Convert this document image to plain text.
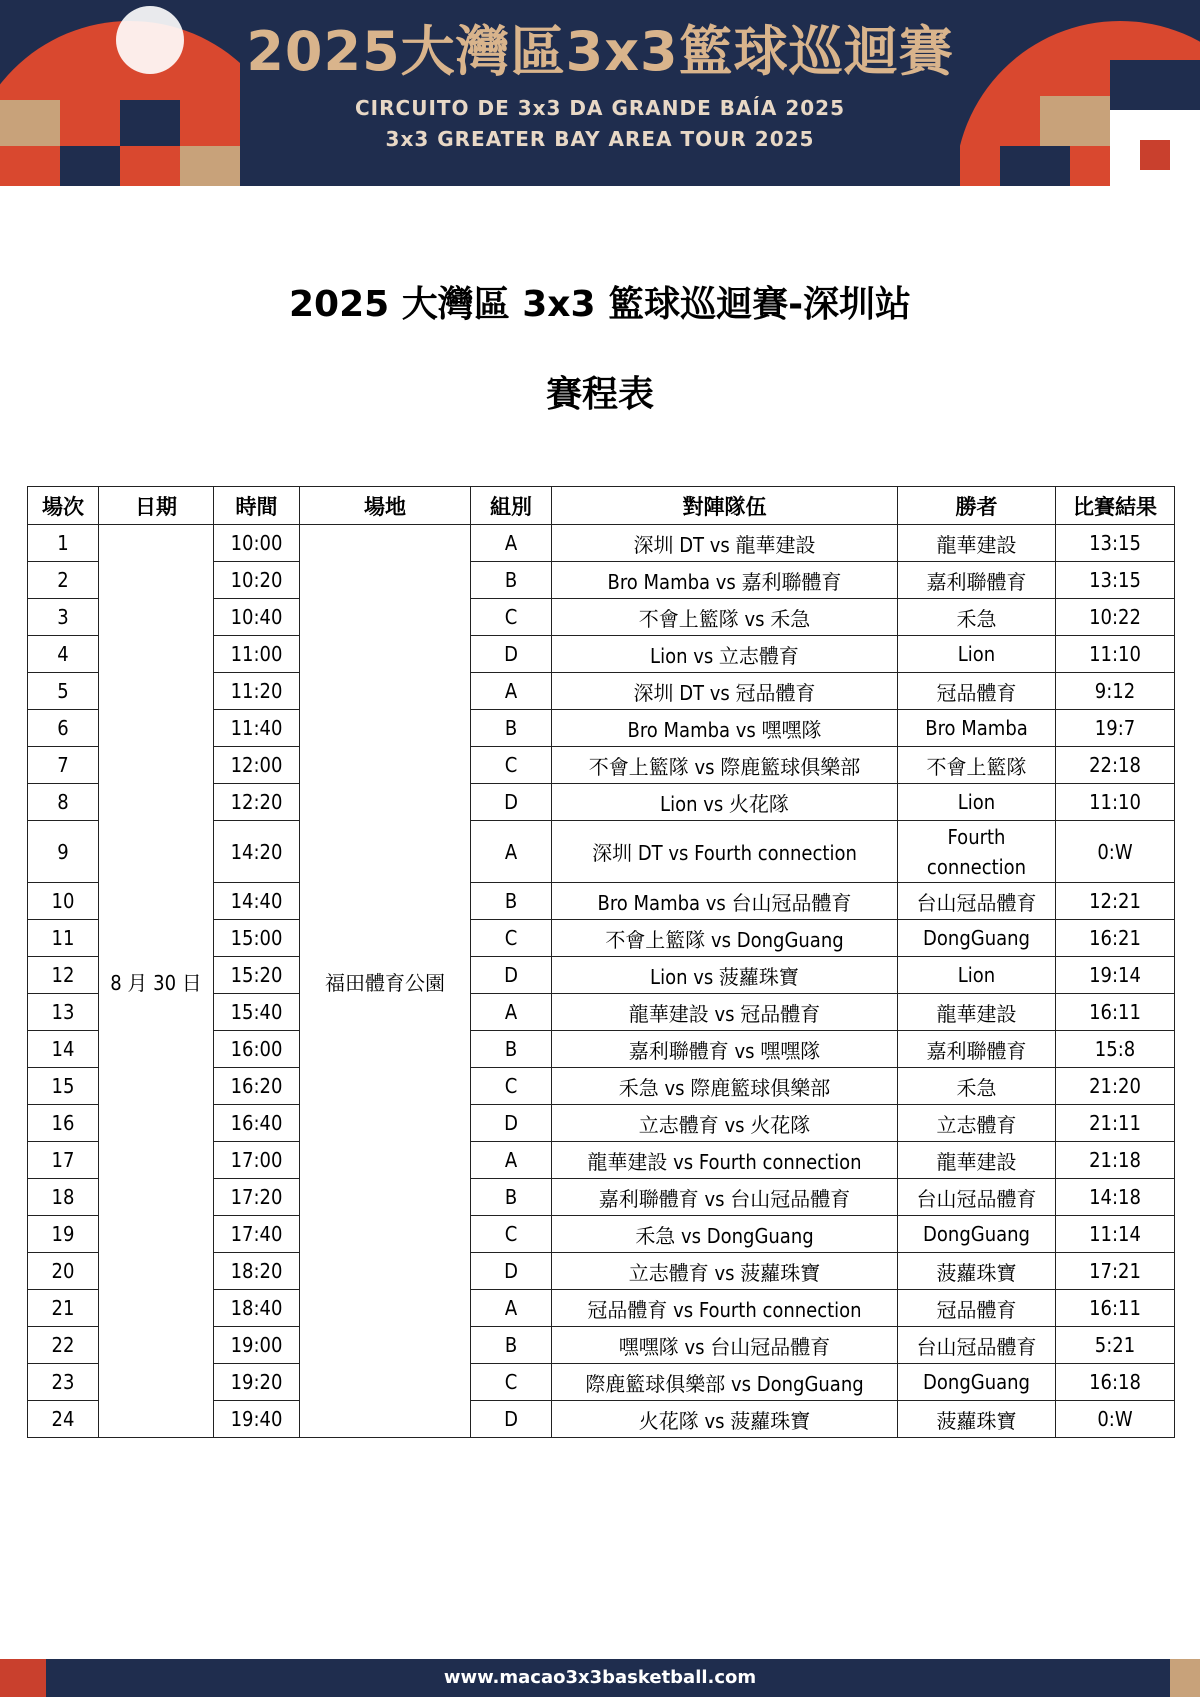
2025大灣區3x3籃球巡迴賽
CIRCUITO DE 3x3 DA GRANDE BAÍA 2025
3x3 GREATER BAY AREA TOUR 2025
2025 大灣區 3x3 籃球巡迴賽-深圳站
賽程表
場次	日期	時間	場地	組別	對陣隊伍	勝者	比賽結果
1	8 月 30 日	10:00	福田體育公園	A	深圳 DT vs 龍華建設	龍華建設	13:15
2		10:20		B	Bro Mamba vs 嘉利聯體育	嘉利聯體育	13:15
3		10:40		C	不會上籃隊 vs 禾急	禾急	10:22
4		11:00		D	Lion vs 立志體育	Lion	11:10
5		11:20		A	深圳 DT vs 冠品體育	冠品體育	9:12
6		11:40		B	Bro Mamba vs 嘿嘿隊	Bro Mamba	19:7
7		12:00		C	不會上籃隊 vs 際鹿籃球俱樂部	不會上籃隊	22:18
8		12:20		D	Lion vs 火花隊	Lion	11:10
9		14:20		A	深圳 DT vs Fourth connection	Fourth connection	0:W
10		14:40		B	Bro Mamba vs 台山冠品體育	台山冠品體育	12:21
11		15:00		C	不會上籃隊 vs DongGuang	DongGuang	16:21
12		15:20		D	Lion vs 菠蘿珠寶	Lion	19:14
13		15:40		A	龍華建設 vs 冠品體育	龍華建設	16:11
14		16:00		B	嘉利聯體育 vs 嘿嘿隊	嘉利聯體育	15:8
15		16:20		C	禾急 vs 際鹿籃球俱樂部	禾急	21:20
16		16:40		D	立志體育 vs 火花隊	立志體育	21:11
17		17:00		A	龍華建設 vs Fourth connection	龍華建設	21:18
18		17:20		B	嘉利聯體育 vs 台山冠品體育	台山冠品體育	14:18
19		17:40		C	禾急 vs DongGuang	DongGuang	11:14
20		18:20		D	立志體育 vs 菠蘿珠寶	菠蘿珠寶	17:21
21		18:40		A	冠品體育 vs Fourth connection	冠品體育	16:11
22		19:00		B	嘿嘿隊 vs 台山冠品體育	台山冠品體育	5:21
23		19:20		C	際鹿籃球俱樂部 vs DongGuang	DongGuang	16:18
24		19:40		D	火花隊 vs 菠蘿珠寶	菠蘿珠寶	0:W
www.macao3x3basketball.com
